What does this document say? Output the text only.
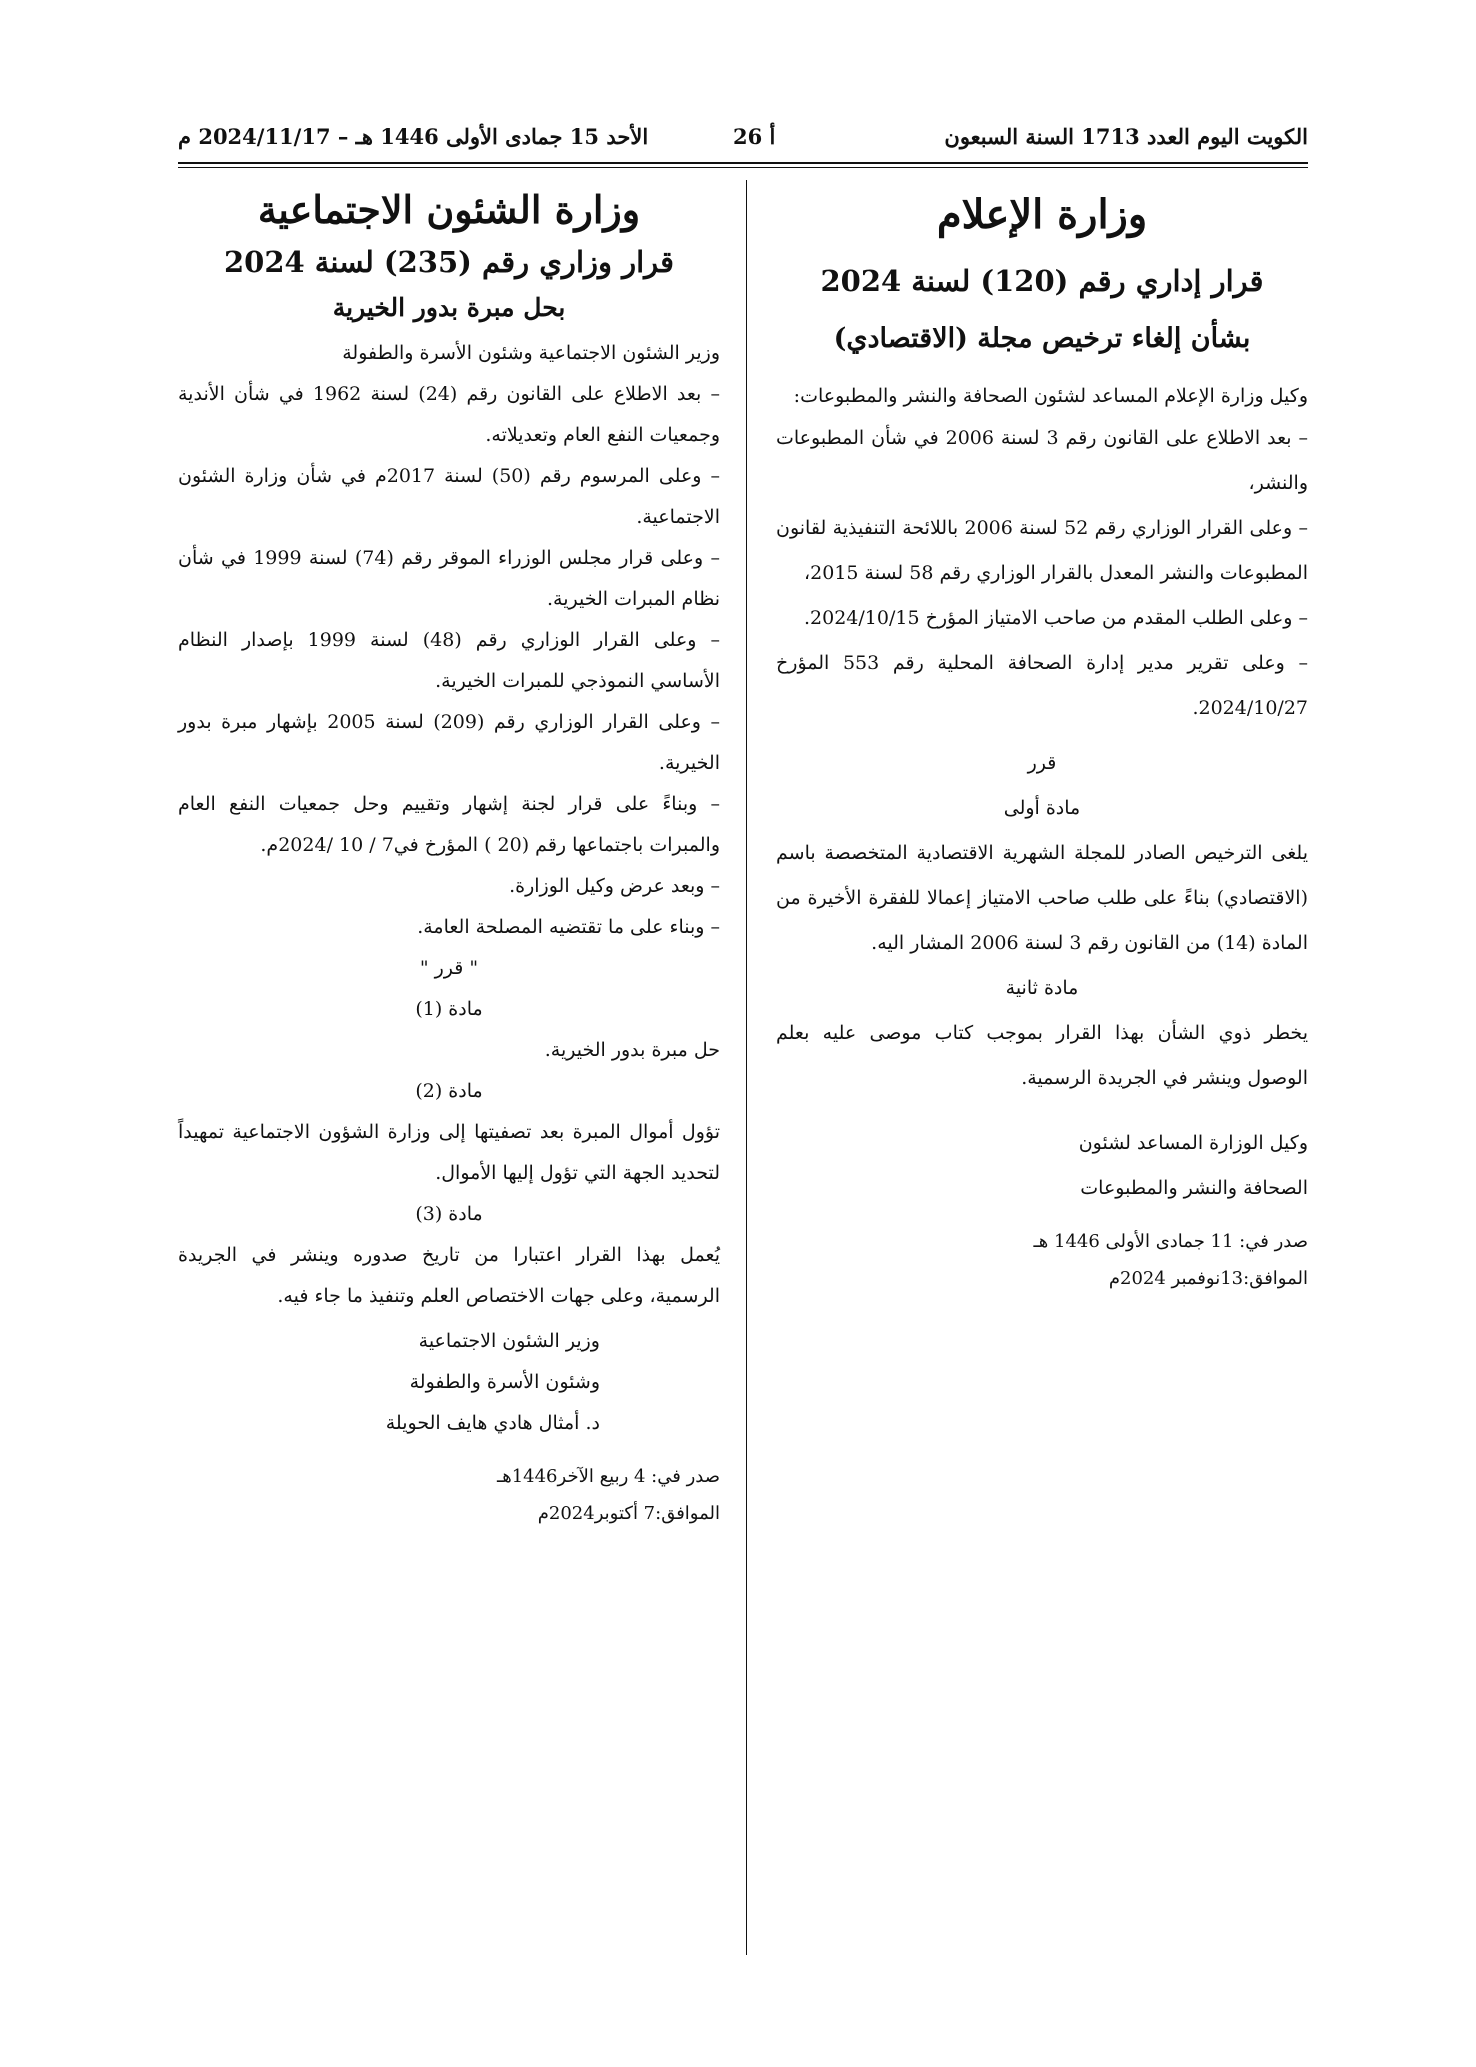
الكويت اليوم العدد 1713 السنة السبعون
أ 26
الأحد 15 جمادى الأولى 1446 هـ – 2024/11/17 م
وزارة الإعلام
قرار إداري رقم (120) لسنة 2024
بشأن إلغاء ترخيص مجلة (الاقتصادي)

وكيل وزارة الإعلام المساعد لشئون الصحافة والنشر والمطبوعات:

– بعد الاطلاع على القانون رقم 3 لسنة 2006 في شأن المطبوعات والنشر،

– وعلى القرار الوزاري رقم 52 لسنة 2006 باللائحة التنفيذية لقانون المطبوعات والنشر المعدل بالقرار الوزاري رقم 58 لسنة 2015،

– وعلى الطلب المقدم من صاحب الامتياز المؤرخ 2024/10/15.

– وعلى تقرير مدير إدارة الصحافة المحلية رقم 553 المؤرخ 2024/10/27.

قرر
مادة أولى

يلغى الترخيص الصادر للمجلة الشهرية الاقتصادية المتخصصة باسم (الاقتصادي) بناءً على طلب صاحب الامتياز إعمالا للفقرة الأخيرة من المادة (14) من القانون رقم 3 لسنة 2006 المشار اليه.

مادة ثانية

يخطر ذوي الشأن بهذا القرار بموجب كتاب موصى عليه بعلم الوصول وينشر في الجريدة الرسمية.

وكيل الوزارة المساعد لشئون
الصحافة والنشر والمطبوعات
صدر في: 11 جمادى الأولى 1446 هـ
الموافق:13نوفمبر 2024م
وزارة الشئون الاجتماعية
قرار وزاري رقم (235) لسنة 2024
بحل مبرة بدور الخيرية

وزير الشئون الاجتماعية وشئون الأسرة والطفولة

– بعد الاطلاع على القانون رقم (24) لسنة 1962 في شأن الأندية وجمعيات النفع العام وتعديلاته.

– وعلى المرسوم رقم (50) لسنة 2017م في شأن وزارة الشئون الاجتماعية.

– وعلى قرار مجلس الوزراء الموقر رقم (74) لسنة 1999 في شأن نظام المبرات الخيرية.

– وعلى القرار الوزاري رقم (48) لسنة 1999 بإصدار النظام الأساسي النموذجي للمبرات الخيرية.

– وعلى القرار الوزاري رقم (209) لسنة 2005 بإشهار مبرة بدور الخيرية.

– وبناءً على قرار لجنة إشهار وتقييم وحل جمعيات النفع العام والمبرات باجتماعها رقم (20 ) المؤرخ في7 / 10 /2024م.

– وبعد عرض وكيل الوزارة.

– وبناء على ما تقتضيه المصلحة العامة.

" قرر "
مادة (1)

حل مبرة بدور الخيرية.

مادة (2)

تؤول أموال المبرة بعد تصفيتها إلى وزارة الشؤون الاجتماعية تمهيداً لتحديد الجهة التي تؤول إليها الأموال.

مادة (3)

يُعمل بهذا القرار اعتبارا من تاريخ صدوره وينشر في الجريدة الرسمية، وعلى جهات الاختصاص العلم وتنفيذ ما جاء فيه.

وزير الشئون الاجتماعية
وشئون الأسرة والطفولة
د. أمثال هادي هايف الحويلة
صدر في: 4 ربيع الآخر1446هـ
الموافق:7 أكتوبر2024م
